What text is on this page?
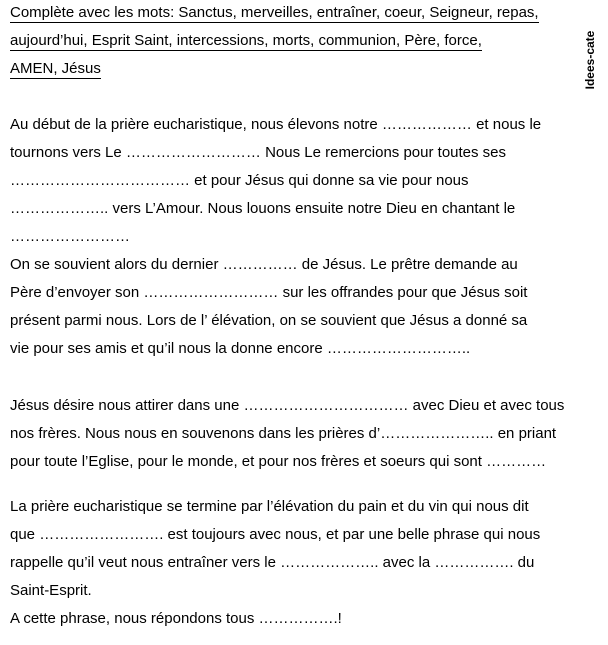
Complète avec les mots: Sanctus, merveilles, entraîner, coeur, Seigneur, repas,
aujourd’hui, Esprit Saint, intercessions, morts, communion, Père, force,
AMEN, Jésus	Idees-cate
Au début de la prière eucharistique, nous élevons notre ……………… et nous le
tournons vers Le ……………………… Nous Le remercions pour toutes ses
……………………………… et pour Jésus qui donne sa vie pour nous
……………….. vers L’Amour. Nous louons ensuite notre Dieu en chantant le
……………………
On se souvient alors du dernier …………… de Jésus. Le prêtre demande au
Père d’envoyer son ……………………… sur les offrandes pour que Jésus soit
présent parmi nous. Lors de l’ élévation, on se souvient que Jésus a donné sa
vie pour ses amis et qu’il nous la donne encore ………………………..
Jésus désire nous attirer dans une …………………………… avec Dieu et avec tous
nos frères. Nous nous en souvenons dans les prières d’………………….. en priant
pour toute l’Eglise, pour le monde, et pour nos frères et soeurs qui sont …………
La prière eucharistique se termine par l’élévation du pain et du vin qui nous dit
que ……………………. est toujours avec nous, et par une belle phrase qui nous
rappelle qu’il veut nous entraîner vers le ……………….. avec la ……………. du
Saint-Esprit.
A cette phrase, nous répondons tous …………….!
